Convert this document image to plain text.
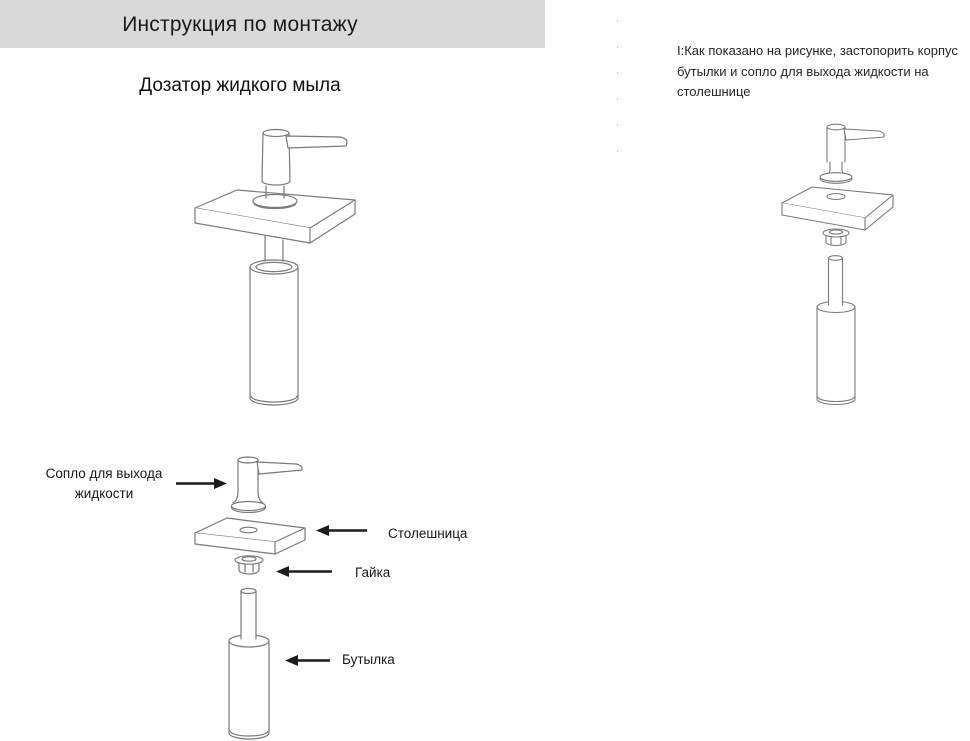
Инструкция по монтажу
Дозатор жидкого мыла
Сопло для выхода жидкости
Столешница
Гайка
Бутылка
I:Как показано на рисунке, застопорить корпус бутылки и сопло для выхода жидкости на столешнице
